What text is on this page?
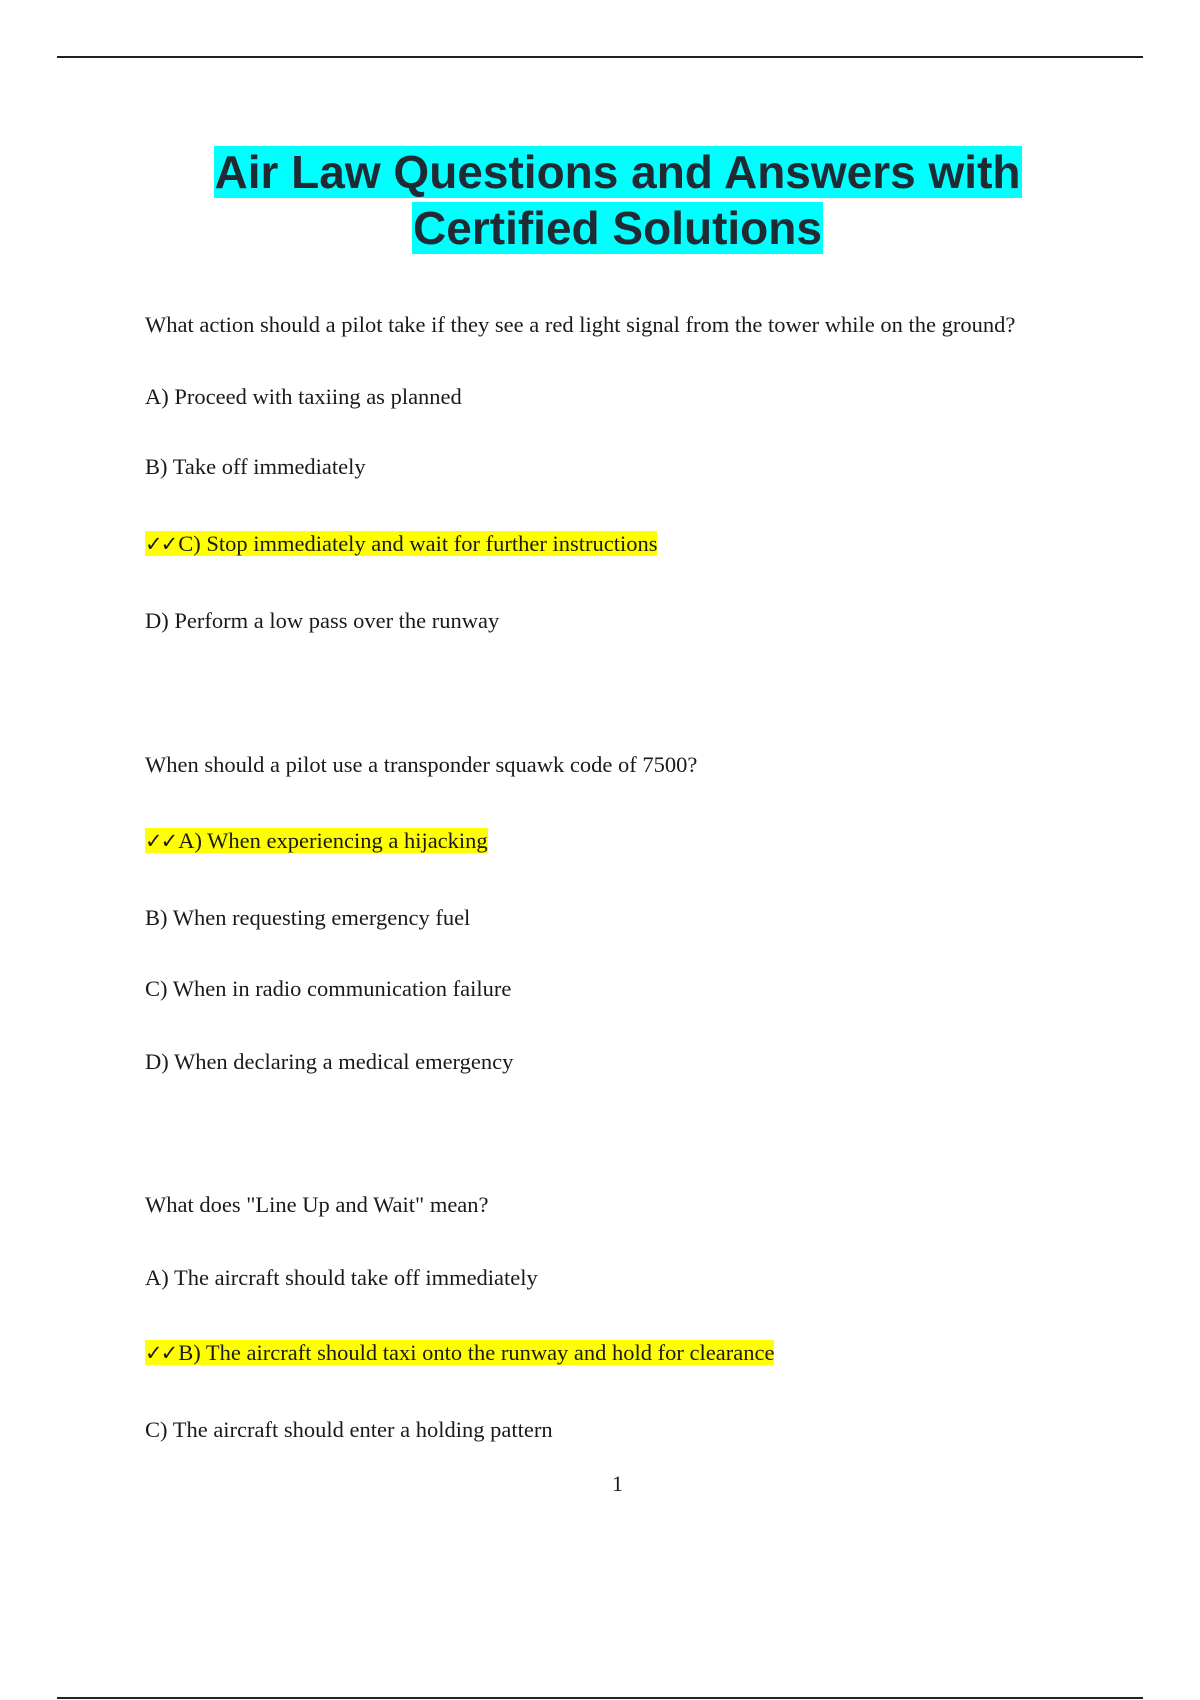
Air Law Questions and Answers with
Certified Solutions
What action should a pilot take if they see a red light signal from the tower while on the ground?
A) Proceed with taxiing as planned
B) Take off immediately
✓✓C) Stop immediately and wait for further instructions
D) Perform a low pass over the runway
When should a pilot use a transponder squawk code of 7500?
✓✓A) When experiencing a hijacking
B) When requesting emergency fuel
C) When in radio communication failure
D) When declaring a medical emergency
What does "Line Up and Wait" mean?
A) The aircraft should take off immediately
✓✓B) The aircraft should taxi onto the runway and hold for clearance
C) The aircraft should enter a holding pattern
1
